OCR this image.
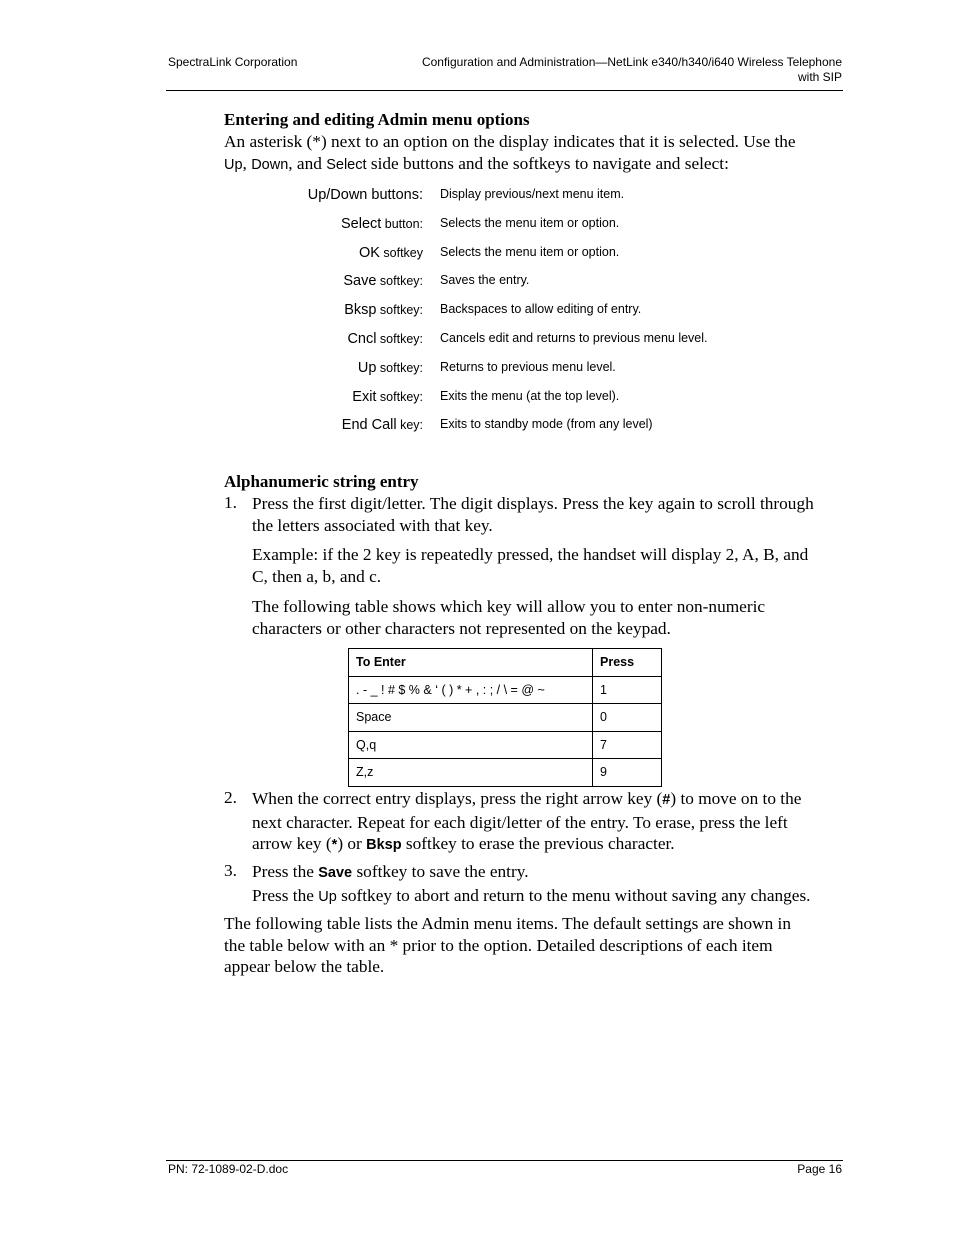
SpectraLink Corporation	Configuration and Administration—NetLink e340/h340/i640 Wireless Telephone
with SIP
Entering and editing Admin menu options
An asterisk (*) next to an option on the display indicates that it is selected. Use the
Up, Down, and Select side buttons and the softkeys to navigate and select:
Up/Down buttons: Display previous/next menu item.
Select button: Selects the menu item or option.
OK softkey Selects the menu item or option.
Save softkey: Saves the entry.
Bksp softkey: Backspaces to allow editing of entry.
Cncl softkey: Cancels edit and returns to previous menu level.
Up softkey: Returns to previous menu level.
Exit softkey: Exits the menu (at the top level).
End Call key: Exits to standby mode (from any level)
Alphanumeric string entry
1. Press the first digit/letter. The digit displays. Press the key again to scroll through
the letters associated with that key.
Example: if the 2 key is repeatedly pressed, the handset will display 2, A, B, and
C, then a, b, and c.
The following table shows which key will allow you to enter non-numeric
characters or other characters not represented on the keypad.
To Enter	Press
. - _ ! # $ % & ‘ ( ) * + , : ; / \ = @ ~	1
Space	0
Q,q	7
Z,z	9
2. When the correct entry displays, press the right arrow key (#) to move on to the
next character. Repeat for each digit/letter of the entry. To erase, press the left
arrow key (*) or Bksp softkey to erase the previous character.
3. Press the Save softkey to save the entry.
Press the Up softkey to abort and return to the menu without saving any changes.
The following table lists the Admin menu items. The default settings are shown in
the table below with an * prior to the option. Detailed descriptions of each item
appear below the table.
PN: 72-1089-02-D.doc	Page 16
